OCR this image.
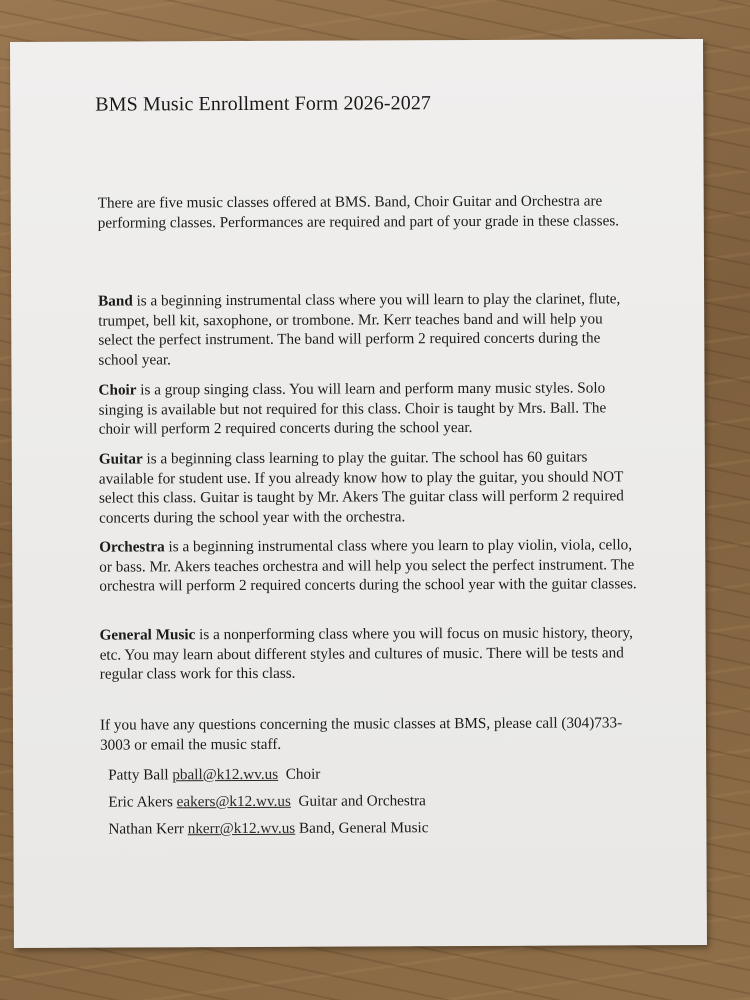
BMS Music Enrollment Form 2026-2027
There are five music classes offered at BMS. Band, Choir Guitar and Orchestra are performing classes. Performances are required and part of your grade in these classes.
Band is a beginning instrumental class where you will learn to play the clarinet, flute, trumpet, bell kit, saxophone, or trombone. Mr. Kerr teaches band and will help you select the perfect instrument. The band will perform 2 required concerts during the school year.
Choir is a group singing class. You will learn and perform many music styles. Solo singing is available but not required for this class. Choir is taught by Mrs. Ball. The choir will perform 2 required concerts during the school year.
Guitar is a beginning class learning to play the guitar. The school has 60 guitars available for student use. If you already know how to play the guitar, you should NOT select this class. Guitar is taught by Mr. Akers The guitar class will perform 2 required concerts during the school year with the orchestra.
Orchestra is a beginning instrumental class where you learn to play violin, viola, cello, or bass. Mr. Akers teaches orchestra and will help you select the perfect instrument. The orchestra will perform 2 required concerts during the school year with the guitar classes.
General Music is a nonperforming class where you will focus on music history, theory, etc. You may learn about different styles and cultures of music. There will be tests and regular class work for this class.
If you have any questions concerning the music classes at BMS, please call (304)733-3003 or email the music staff.
Patty Ball pball@k12.wv.us Choir
Eric Akers eakers@k12.wv.us Guitar and Orchestra
Nathan Kerr nkerr@k12.wv.us Band, General Music
